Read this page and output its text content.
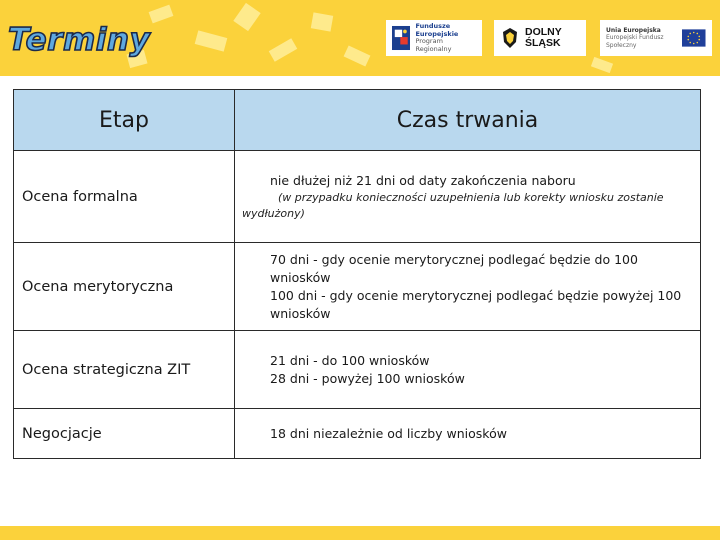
Terminy	Fundusze
Europejskie
Program Regionalny
DOLNY
ŚLĄSK
Unia Europejska
Europejski Fundusz Społeczny
Etap	Czas trwania
Ocena formalna	nie dłużej niż 21 dni od daty zakończenia naboru
(w przypadku konieczności uzupełnienia lub korekty wniosku zostanie wydłużony)

Ocena merytoryczna	70 dni - gdy ocenie merytorycznej podlegać będzie do 100 wniosków
100 dni - gdy ocenie merytorycznej podlegać będzie powyżej 100 wniosków

Ocena strategiczna ZIT	21 dni - do 100 wniosków
28 dni - powyżej 100 wniosków

Negocjacje	18 dni niezależnie od liczby wniosków
